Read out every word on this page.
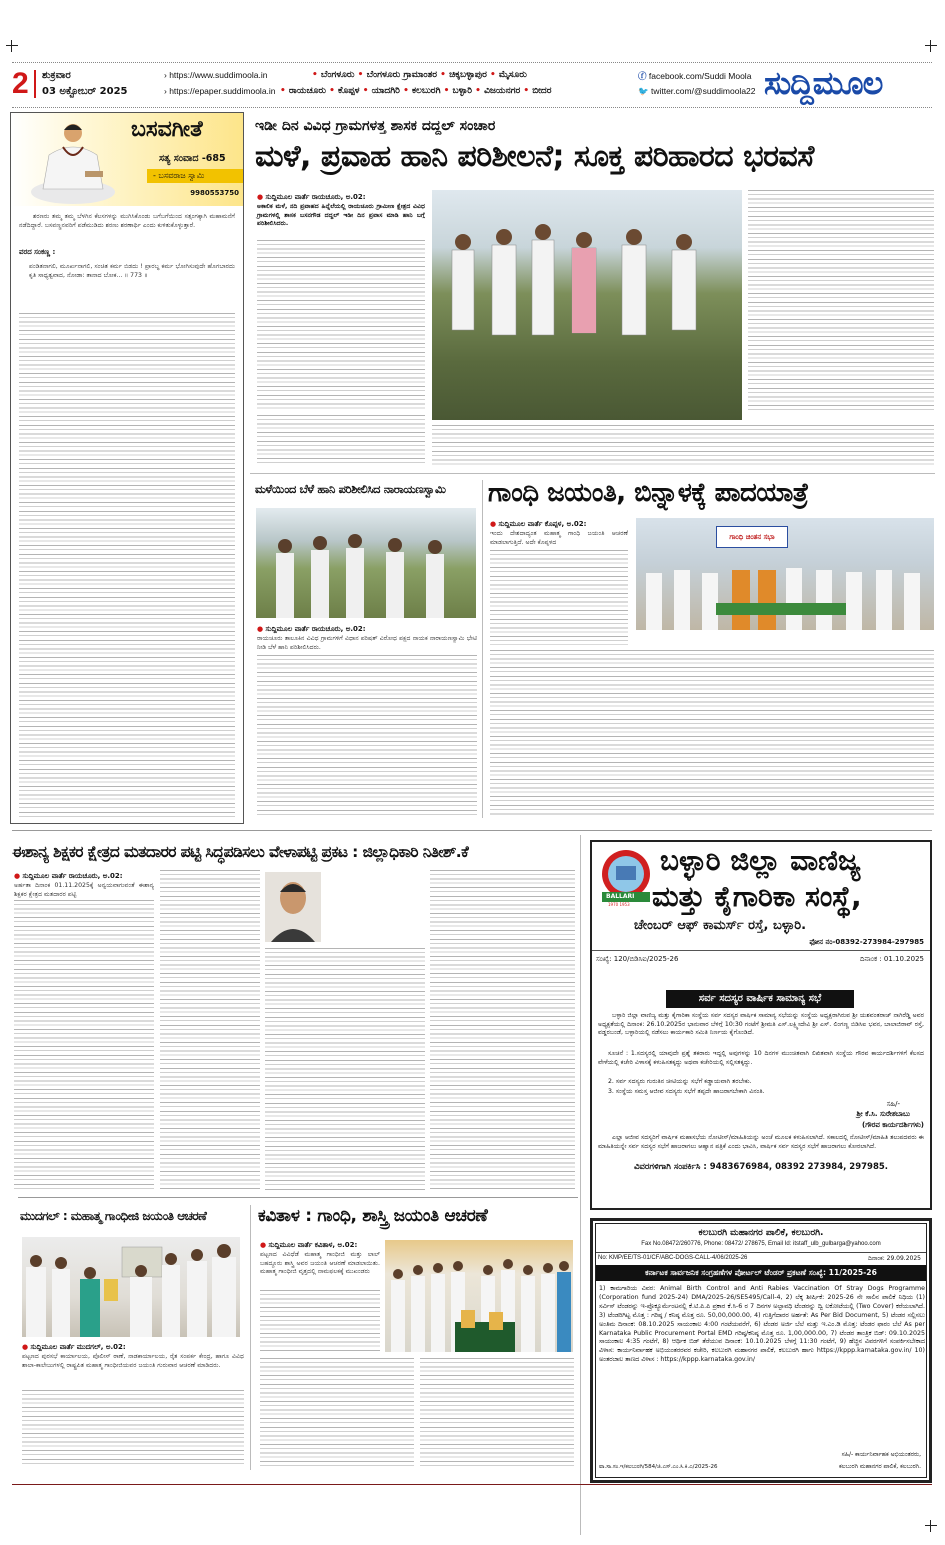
2 ಶುಕ್ರವಾರ
03 ಅಕ್ಟೋಬರ್ 2025
› https://www.suddimoola.in
› https://epaper.suddimoola.in
• ಬೆಂಗಳೂರು • ಬೆಂಗಳೂರು ಗ್ರಾಮಾಂತರ • ಚಿಕ್ಕಬಳ್ಳಾಪುರ • ಮೈಸೂರು
• ರಾಯಚೂರು • ಕೊಪ್ಪಳ • ಯಾದಗಿರಿ • ಕಲಬುರಗಿ • ಬಳ್ಳಾರಿ • ವಿಜಯನಗರ • ಬೀದರ
ⓕ facebook.com/Suddi Moola
🐦 twitter.com/@suddimoola22 ಸುದ್ದಿಮೂಲ
ಬಸವಗೀತೆ
ಸತ್ಯ ಸಂವಾದ -685
- ಬಸವರಾಜ ಸ್ವಾಮಿ
9980553750
ಶರಣರು ತಮ್ಮ ತಮ್ಮ ಬೆಳಗಿನ ಕೆಲಸಗಳನ್ನು ಮುಗಿಸಿಕೊಂಡು ಬಗೆಬಗೆಯಿಂದ ಸತ್ಸಂಗಕ್ಕಾಗಿ ಮಹಾಮನೆಗೆ ನಡೆದಿದ್ದಾರೆ. ಬಸವಣ್ಣನವರಿಗೆ ಪಡೆಮುಡಿದು ಶರಣು ಶರಣಾರ್ಥಿ ಎಂದು ಕುಳಿತುಕೊಳ್ಳುತ್ತಾರೆ.
ವರದ ಸಂಕಣ್ಣ :
ಪಂಡಿತನಾಗಲಿ, ಮೂರ್ಖನಾಗಲಿ, ಸಂಚಿತ ಕರ್ಮ ಬಿಡದು ! ಪ್ರಾರಬ್ಧ ಕರ್ಮ ಭೋಗಿಸುವುದೇ ಹೊಗಬಾರದು ಕೃತಿ ಸಾಧ್ಯತ್ವವಾದ, ನೋಡಾ: ತಾನಾದ ಬೋಕ... ॥ 773 ॥
ಇಡೀ ದಿನ ವಿವಿಧ ಗ್ರಾಮಗಳತ್ತ ಶಾಸಕ ದದ್ದಲ್ ಸಂಚಾರ
ಮಳೆ, ಪ್ರವಾಹ ಹಾನಿ ಪರಿಶೀಲನೆ; ಸೂಕ್ತ ಪರಿಹಾರದ ಭರವಸೆ
● ಸುದ್ದಿಮೂಲ ವಾರ್ತೆ ರಾಯಚೂರು, ಅ.02:
ಅಕಾಲಿಕ ಮಳೆ, ನದಿ ಪ್ರವಾಹದ ಹಿನ್ನೆಲೆಯಲ್ಲಿ ರಾಯಚೂರು ಗ್ರಾಮೀಣ ಕ್ಷೇತ್ರದ ವಿವಿಧ ಗ್ರಾಮಗಳಲ್ಲಿ ಶಾಸಕ ಬಸನಗೌಡ ದದ್ದಲ್ ಇಡೀ ದಿನ ಪ್ರವಾಸ ಮಾಡಿ ಹಾನಿ ಬಗ್ಗೆ ಪರಿಶೀಲಿಸಿದರು.
ಮಳೆಯಿಂದ ಬೆಳೆ ಹಾನಿ ಪರಿಶೀಲಿಸಿದ ನಾರಾಯಣಸ್ವಾಮಿ
● ಸುದ್ದಿಮೂಲ ವಾರ್ತೆ ರಾಯಚೂರು, ಅ.02:
ರಾಯಚೂರು ತಾಲೂಕಿನ ವಿವಿಧ ಗ್ರಾಮಗಳಿಗೆ ವಿಧಾನ ಪರಿಷತ್ ವಿರೋಧ ಪಕ್ಷದ ನಾಯಕ ನಾರಾಯಣಸ್ವಾಮಿ ಭೇಟಿ ನೀಡಿ ಬೆಳೆ ಹಾನಿ ಪರಿಶೀಲಿಸಿದರು.
ಗಾಂಧಿ ಜಯಂತಿ, ಬಿನ್ನಾಳಕ್ಕೆ ಪಾದಯಾತ್ರೆ
● ಸುದ್ದಿಮೂಲ ವಾರ್ತೆ ಕೊಪ್ಪಳ, ಅ.02:
ಇಂದು ದೇಶದಾದ್ಯಂತ ಮಹಾತ್ಮ ಗಾಂಧಿ ಜಯಂತಿ ಆಚರಣೆ ಮಾಡಲಾಗುತ್ತಿದೆ. ಅದೇ ಕೊಪ್ಪಳದ
ಗಾಂಧಿ ಚಿಂತನ ಸಭಾ
ಈಶಾನ್ಯ ಶಿಕ್ಷಕರ ಕ್ಷೇತ್ರದ ಮತದಾರರ ಪಟ್ಟಿ ಸಿದ್ಧಪಡಿಸಲು ವೇಳಾಪಟ್ಟಿ ಪ್ರಕಟ : ಜಿಲ್ಲಾಧಿಕಾರಿ ನಿತೀಶ್.ಕೆ
● ಸುದ್ದಿಮೂಲ ವಾರ್ತೆ ರಾಯಚೂರು, ಅ.02:
ಅರ್ಹತಾ ದಿನಾಂಕ 01.11.2025ಕ್ಕೆ ಅನ್ವಯವಾಗುವಂತೆ ಈಶಾನ್ಯ ಶಿಕ್ಷಕರ ಕ್ಷೇತ್ರದ ಮತದಾರರ ಪಟ್ಟಿ	BALLARI
1970 1953
ಬಳ್ಳಾರಿ ಜಿಲ್ಲಾ ವಾಣಿಜ್ಯ
ಮತ್ತು ಕೈಗಾರಿಕಾ ಸಂಸ್ಥೆ,
ಚೇಂಬರ್ ಆಫ್ ಕಾಮರ್ಸ್ ರಸ್ತೆ, ಬಳ್ಳಾರಿ.
ಫೋನ ನಂ-08392-273984-297985
ಸಂಖ್ಯೆ: 120/ಬಿಡಿಸಿಐ/2025-26	ದಿನಾಂಕ : 01.10.2025
ಸರ್ವ ಸದಸ್ಯರ ವಾರ್ಷಿಕ ಸಾಮಾನ್ಯ ಸಭೆ
ಬಳ್ಳಾರಿ ಜಿಲ್ಲಾ ವಾಣಿಜ್ಯ ಮತ್ತು ಕೈಗಾರಿಕಾ ಸಂಸ್ಥೆಯ ಸರ್ವ ಸದಸ್ಯರ ವಾರ್ಷಿಕ ಸಾಮಾನ್ಯ ಸಭೆಯನ್ನು ಸಂಸ್ಥೆಯ ಅಧ್ಯಕ್ಷರಾಗಿರುವ ಶ್ರೀ ಯಶವಂತರಾಜ್ ನಾಗಿರೆಡ್ಡಿ ಅವರ ಅಧ್ಯಕ್ಷತೆಯಲ್ಲಿ ದಿನಾಂಕ: 26.10.2025ರ ಭಾನುವಾರ ಬೆಳಿಗ್ಗೆ 10:30 ಗಂಟೆಗೆ ಶ್ರೀಮತಿ ಎಸ್.ಲಕ್ಷ್ಮೀದೇವಿ ಶ್ರೀ ಎಸ್. ಲಿಂಗಣ್ಣ ಬಿಡಿಸಿಐ ಭವನ, ಬಾಲಾಜಿರಾವ್ ರಸ್ತೆ, ವಡ್ಡರಬಂಡೆ, ಬಳ್ಳಾರಿಯಲ್ಲಿ ನಡೆಸಲು ಕಾರ್ಯಕಾರಿ ಸಮಿತಿ ನಿರ್ಣಯ ಕೈಗೊಂಡಿದೆ.
ಸೂಚನೆ : 1.ಸದಸ್ಯರಲ್ಲಿ ಯಾವುದೇ ಪ್ರಶ್ನೆ ತಕರಾರು ಇದ್ದಲ್ಲಿ ಅವುಗಳನ್ನು 10 ದಿನಗಳ ಮುಂಚಿತವಾಗಿ ಲಿಖಿತವಾಗಿ ಸಂಸ್ಥೆಯ ಗೌರವ ಕಾರ್ಯದರ್ಶಿಗಳಿಗೆ ಕೆಲಸದ ವೇಳೆಯಲ್ಲಿ ಕಚೇರಿ ವಿಳಾಸಕ್ಕೆ ಕಳುಹಿಸತಕ್ಕದ್ದು ಅಥವಾ ಕಚೇರಿಯಲ್ಲಿ ಸಲ್ಲಿಸತಕ್ಕದ್ದು.
2. ಸರ್ವ ಸದಸ್ಯರು ಗುರುತಿನ ಚೀಟಿಯನ್ನು ಸಭೆಗೆ ಕಡ್ಡಾಯವಾಗಿ ತರಬೇಕು.
3. ಸಂಸ್ಥೆಯ ಸಮಸ್ತ ಆಜೀವ ಸದಸ್ಯರು ಸಭೆಗೆ ತಪ್ಪದೇ ಹಾಜರಾಗಬೇಕಾಗಿ ವಿನಂತಿ.
ಸಹಿ/-
ಶ್ರೀ ಕೆ.ಸಿ. ಸುರೇಶಬಾಬು
(ಗೌರವ ಕಾರ್ಯದರ್ಶಿಗಳು)
ಎಲ್ಲಾ ಆಜೀವ ಸದಸ್ಯರಿಗೆ ವಾರ್ಷಿಕ ಮಹಾಸಭೆಯ ನೋಟೀಸ್/ಮಾಹಿತಿಯನ್ನು ಅಂಚೆ ಮೂಲಕ ಕಳುಹಿಸಲಾಗಿದೆ. ಸಕಾಲದಲ್ಲಿ ನೋಟೀಸ್/ಮಾಹಿತಿ ತಲುಪದವರು ಈ ಮಾಹಿತಿಯನ್ನೇ ಸರ್ವ ಸದಸ್ಯರ ಸಭೆಗೆ ಹಾಜರಾಗಲು ಆಹ್ವಾನ ಪತ್ರಿಕೆ ಎಂದು ಭಾವಿಸಿ, ವಾರ್ಷಿಕ ಸರ್ವ ಸದಸ್ಯರ ಸಭೆಗೆ ಹಾಜರಾಗಲು ಕೋರಲಾಗಿದೆ.
ವಿವರಗಳಿಗಾಗಿ ಸಂಪರ್ಕಿಸಿ : 9483676984, 08392 273984, 297985.
ಕಲಬುರಗಿ ಮಹಾನಗರ ಪಾಲಿಕೆ, ಕಲಬುರಗಿ.
Fax No.08472/260776, Phone: 08472/ 278675, Email Id: itstaff_ulb_gulbarga@yahoo.com
No: KMP/EE/TS-01/CF/ABC-DOGS-CALL-4/06/2025-26	ದಿನಾಂಕ: 29.09.2025
ಕರ್ನಾಟಕ ಸಾರ್ವಜನಿಕ ಸಂಗ್ರಹಣೆಗಳ ಪೋರ್ಟಲ್ ಟೆಂಡರ್ ಪ್ರಕಟಣೆ ಸಂಖ್ಯೆ: 11/2025-26
1) ಕಾಮಗಾರಿಯ ವಿವರ: Animal Birth Control and Anti Rabies Vaccination Of Stray Dogs Programme (Corporation fund 2025-24) DMA/2025-26/SE5495/Call-4, 2) ಲೆಕ್ಕ ಶೀರ್ಷಿಕೆ: 2025-26 ನೇ ಸಾಲಿನ ಪಾಲಿಕೆ ನಿಧಿಯ (1) ಸರ್ವಿಸ್ ಟೆಂಡರನ್ನು ಇ-ಪ್ರೊಕ್ಯೂರ್ಮೆಂಟನಲ್ಲಿ ಕೆ.ಟಿ.ಪಿ.ಪಿ ಪ್ರಕಾರ ಕೆ.ಸಿ-6 ರ 7 ದಿನಗಳ ಅಲ್ಪಾವಧಿ ಟೆಂಡರನ್ನು ದ್ವಿ ಲಕೋಟೆಯಲ್ಲಿ (Two Cover) ಕರೆಯಲಾಗಿದೆ. 3) ಟೆಂಡರಿಗಿಟ್ಟ ಮೊತ್ತ : ಗರಿಷ್ಠ / ಕನಿಷ್ಠ ಮೊತ್ತ ರೂ. 50,00,000.00, 4) ಗುತ್ತಿಗೆದಾರರ ಅರ್ಹತೆ: As Per Bid Document, 5) ಟೆಂಡರ ಸಲ್ಲಿಸಲು ಅಂತಿಮ ದಿನಾಂಕ: 08.10.2025 ಸಾಯಂಕಾಲ 4:00 ಗಂಟೆಯವರೆಗೆ, 6) ಟೆಂಡರ ಅರ್ಜಿ ಬೆಲೆ ಮತ್ತು ಇ.ಎಂ.ಡಿ ಮೊತ್ತ: ಟೆಂಡರ ಫಾರಂ ಬೆಲೆ As per Karnataka Public Procurement Portal EMD ಗರಿಷ್ಠ/ಕನಿಷ್ಠ ಮೊತ್ತ ರೂ. 1,00,000.00, 7) ಟೆಂಡರ ತಾಂತ್ರಿಕ ಬಿಡ್: 09.10.2025 ಸಾಯಂಕಾಲ 4:35 ಗಂಟೆಗೆ, 8) ಆರ್ಥಿಕ ಬಿಡ್ ತೆರೆಯುವ ದಿನಾಂಕ: 10.10.2025 ಬೆಳಗ್ಗೆ 11:30 ಗಂಟೆಗೆ, 9) ಹೆಚ್ಚಿನ ವಿವರಗಳಿಗೆ ಸಂಪರ್ಕಿಸಬೇಕಾದ ವಿಳಾಸ: ಕಾರ್ಯನಿರ್ವಾಹಕ ಅಭಿಯಂತರರವರ ಕಚೇರಿ, ಕಲಬುರಗಿ ಮಹಾನಗರ ಪಾಲಿಕೆ, ಕಲಬುರಗಿ ಹಾಗು https://kppp.karnataka.gov.in/ 10) ಅಂತರಜಾಲ ತಾಣದ ವಿಳಾಸ : https://kppp.karnataka.gov.in/
ವಾ.ಸಾ.ಸಂ.ಇ/ಕಲಬುರಗಿ/584/ಜಿ.ಎಸ್.ಎಂ.ಸಿ.ಕಿ.ಎ/2025-26
ಸಹಿ/- ಕಾರ್ಯನಿರ್ವಾಹಕ ಅಭಿಯಂತರರು,
ಕಲಬುರಗಿ ಮಹಾನಗರ ಪಾಲಿಕೆ, ಕಲಬುರಗಿ.
ಮುದಗಲ್ : ಮಹಾತ್ಮ ಗಾಂಧೀಜಿ ಜಯಂತಿ ಆಚರಣೆ
● ಸುದ್ದಿಮೂಲ ವಾರ್ತೆ ಮುದಗಲ್, ಅ.02:
ಪಟ್ಟಣದ ಪುರಸಭೆ ಕಾರ್ಯಾಲಯ, ಪೊಲೀಸ್ ಠಾಣೆ, ನಾಡಕಾರ್ಯಾಲಯ, ರೈತ ಸಂಪರ್ಕ ಕೇಂದ್ರ, ಹಾಗೂ ವಿವಿಧ ಶಾಲಾ-ಕಾಲೇಜುಗಳಲ್ಲಿ ರಾಷ್ಟ್ರಪಿತ ಮಹಾತ್ಮ ಗಾಂಧೀಜಿಯವರ ಜಯಂತಿ ಗುರುವಾರ ಆಚರಣೆ ಮಾಡಿದರು.
ಕವಿತಾಳ : ಗಾಂಧಿ, ಶಾಸ್ತ್ರಿ ಜಯಂತಿ ಆಚರಣೆ
● ಸುದ್ದಿಮೂಲ ವಾರ್ತೆ ಕವಿತಾಳ, ಅ.02:
ಪಟ್ಟಣದ ವಿವಿಧೆಡೆ ಮಹಾತ್ಮ ಗಾಂಧೀಜಿ ಮತ್ತು ಲಾಲ್ ಬಹದ್ದೂರು ಶಾಸ್ತ್ರಿ ಅವರ ಜಯಂತಿ ಆಚರಣೆ ಮಾಡಲಾಯಿತು. ಮಹಾತ್ಮ ಗಾಂಧೀಜಿ ವೃತ್ತದಲ್ಲಿ ನಾಮಫಲಕಕ್ಕೆ ಮುಖಂಡರು
